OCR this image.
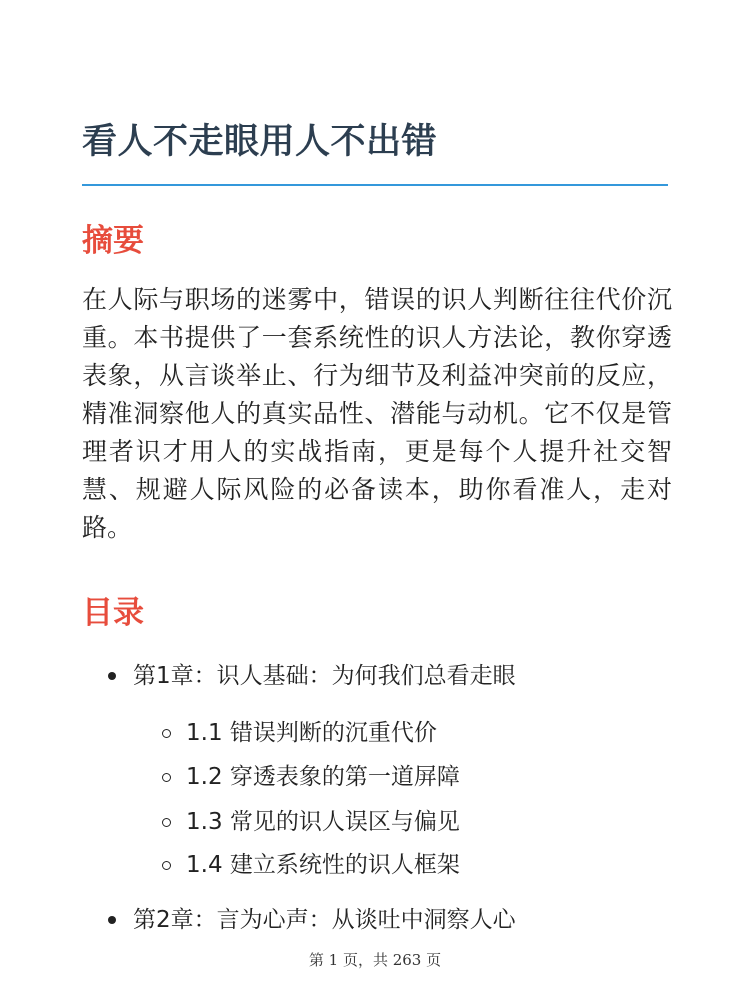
看人不走眼用人不出错
摘要

在人际与职场的迷雾中，错误的识人判断往往代价沉重。本书提供了一套系统性的识人方法论，教你穿透表象，从言谈举止、行为细节及利益冲突前的反应，精准洞察他人的真实品性、潜能与动机。它不仅是管理者识才用人的实战指南，更是每个人提升社交智慧、规避人际风险的必备读本，助你看准人，走对路。

目录
第1章：识人基础：为何我们总看走眼
1.1 错误判断的沉重代价
1.2 穿透表象的第一道屏障
1.3 常见的识人误区与偏见
1.4 建立系统性的识人框架
第2章：言为心声：从谈吐中洞察人心
第 1 页，共 263 页
